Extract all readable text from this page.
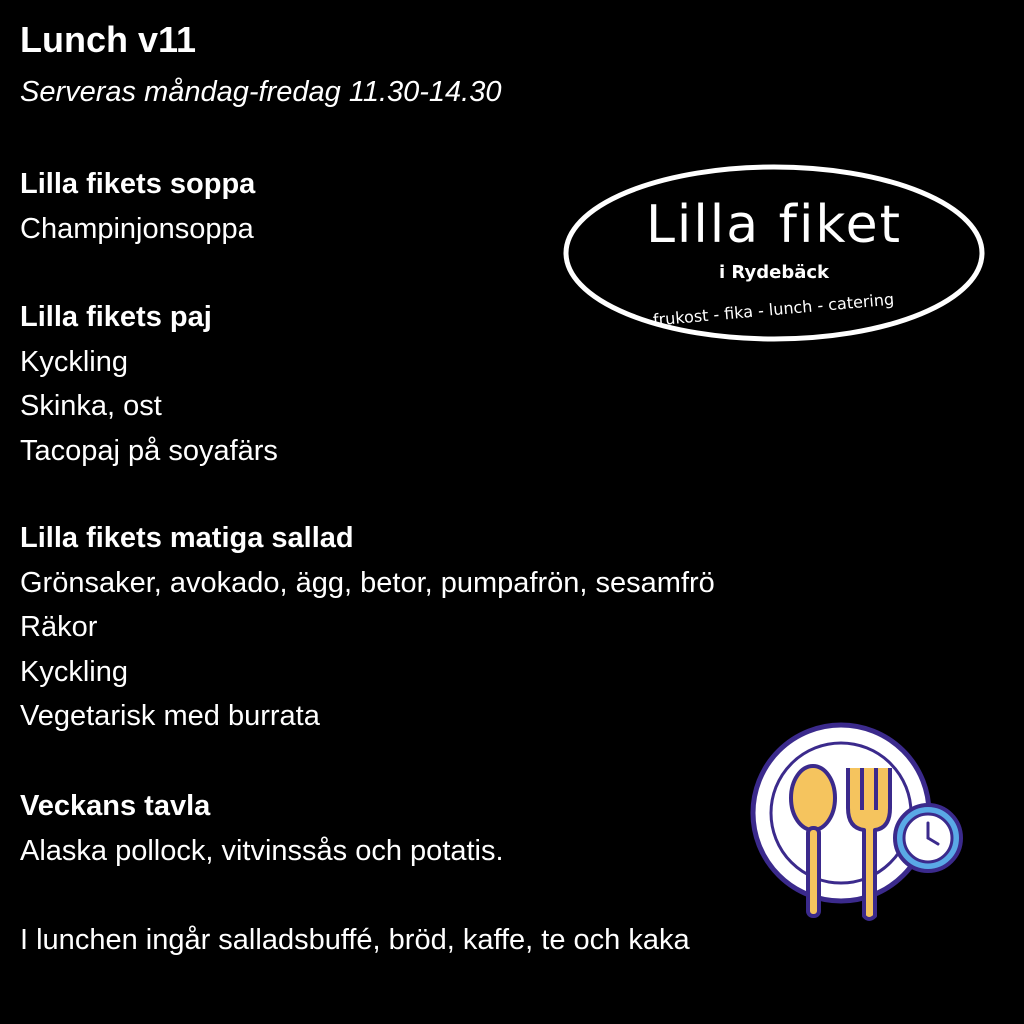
Lunch v11

Serveras måndag-fredag 11.30-14.30

Lilla fikets soppa
Champinjonsoppa
Lilla fikets paj
Kyckling
Skinka, ost
Tacopaj på soyafärs
Lilla fikets matiga sallad
Grönsaker, avokado, ägg, betor, pumpafrön, sesamfrö
Räkor
Kyckling
Vegetarisk med burrata
Veckans tavla
Alaska pollock, vitvinssås och potatis.
I lunchen ingår salladsbuffé, bröd, kaffe, te och kaka
Lilla fiket
i Rydebäck
frukost - fika - lunch - catering
